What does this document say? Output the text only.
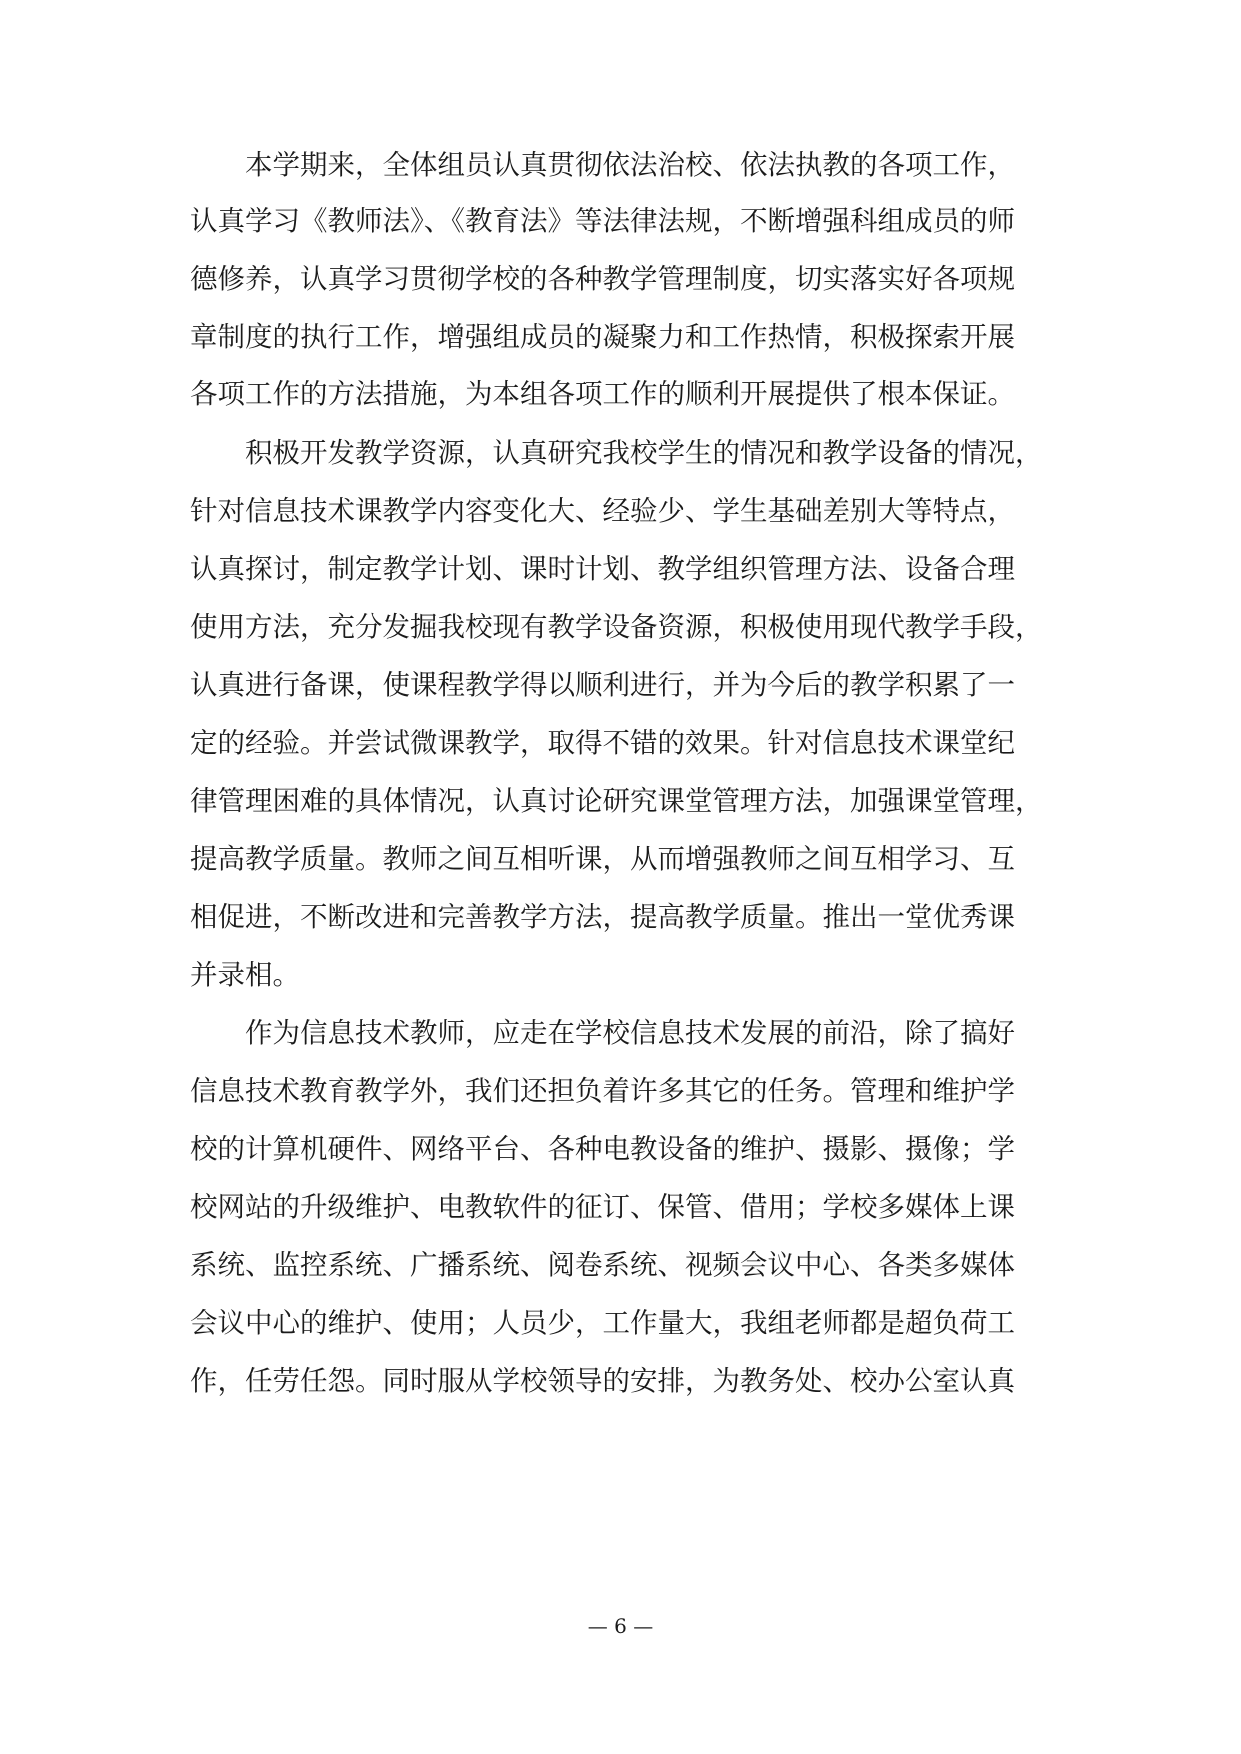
本学期来，全体组员认真贯彻依法治校、依法执教的各项工作，
认真学习《教师法》、《教育法》等法律法规，不断增强科组成员的师
德修养，认真学习贯彻学校的各种教学管理制度，切实落实好各项规
章制度的执行工作，增强组成员的凝聚力和工作热情，积极探索开展
各项工作的方法措施，为本组各项工作的顺利开展提供了根本保证。
积极开发教学资源，认真研究我校学生的情况和教学设备的情况，
针对信息技术课教学内容变化大、经验少、学生基础差别大等特点，
认真探讨，制定教学计划、课时计划、教学组织管理方法、设备合理
使用方法，充分发掘我校现有教学设备资源，积极使用现代教学手段，
认真进行备课，使课程教学得以顺利进行，并为今后的教学积累了一
定的经验。并尝试微课教学，取得不错的效果。针对信息技术课堂纪
律管理困难的具体情况，认真讨论研究课堂管理方法，加强课堂管理，
提高教学质量。教师之间互相听课，从而增强教师之间互相学习、互
相促进，不断改进和完善教学方法，提高教学质量。推出一堂优秀课
并录相。
作为信息技术教师，应走在学校信息技术发展的前沿，除了搞好
信息技术教育教学外，我们还担负着许多其它的任务。管理和维护学
校的计算机硬件、网络平台、各种电教设备的维护、摄影、摄像；学
校网站的升级维护、电教软件的征订、保管、借用；学校多媒体上课
系统、监控系统、广播系统、阅卷系统、视频会议中心、各类多媒体
会议中心的维护、使用；人员少，工作量大，我组老师都是超负荷工
作，任劳任怨。同时服从学校领导的安排，为教务处、校办公室认真
— 6 —
